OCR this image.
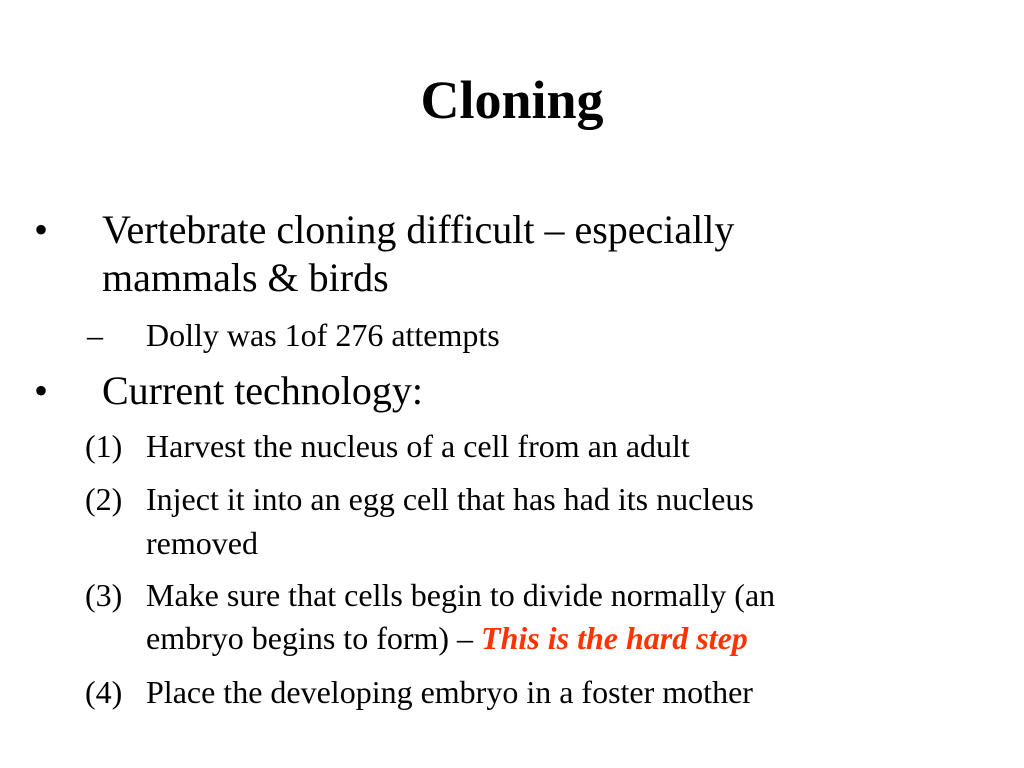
Cloning
• Vertebrate cloning difficult – especially
mammals & birds
– Dolly was 1of 276 attempts
• Current technology:
(1) Harvest the nucleus of a cell from an adult
(2) Inject it into an egg cell that has had its nucleus
removed
(3) Make sure that cells begin to divide normally (an
embryo begins to form) – This is the hard step
(4) Place the developing embryo in a foster mother
